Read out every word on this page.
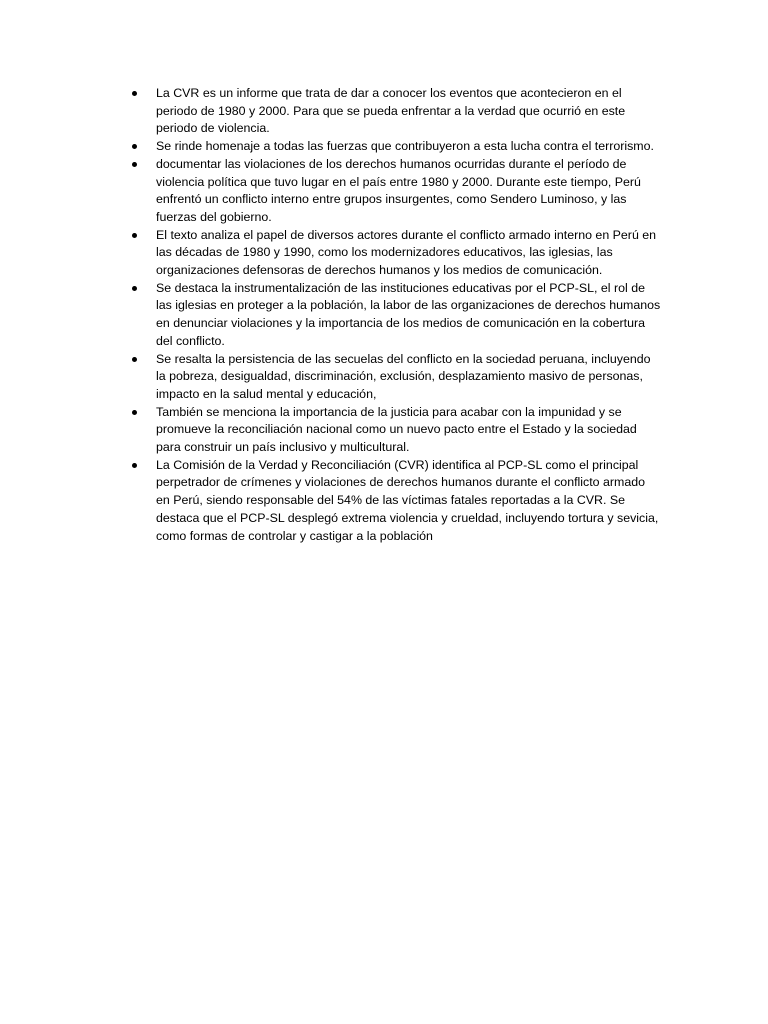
La CVR es un informe que trata de dar a conocer los eventos que acontecieron en el periodo de 1980 y 2000. Para que se pueda enfrentar a la verdad que ocurrió en este periodo de violencia.
Se rinde homenaje a todas las fuerzas que contribuyeron a esta lucha contra el terrorismo.
documentar las violaciones de los derechos humanos ocurridas durante el período de violencia política que tuvo lugar en el país entre 1980 y 2000. Durante este tiempo, Perú enfrentó un conflicto interno entre grupos insurgentes, como Sendero Luminoso, y las fuerzas del gobierno.
El texto analiza el papel de diversos actores durante el conflicto armado interno en Perú en las décadas de 1980 y 1990, como los modernizadores educativos, las iglesias, las organizaciones defensoras de derechos humanos y los medios de comunicación.
Se destaca la instrumentalización de las instituciones educativas por el PCP-SL, el rol de las iglesias en proteger a la población, la labor de las organizaciones de derechos humanos en denunciar violaciones y la importancia de los medios de comunicación en la cobertura del conflicto.
Se resalta la persistencia de las secuelas del conflicto en la sociedad peruana, incluyendo la pobreza, desigualdad, discriminación, exclusión, desplazamiento masivo de personas, impacto en la salud mental y educación,
También se menciona la importancia de la justicia para acabar con la impunidad y se promueve la reconciliación nacional como un nuevo pacto entre el Estado y la sociedad para construir un país inclusivo y multicultural.
La Comisión de la Verdad y Reconciliación (CVR) identifica al PCP-SL como el principal perpetrador de crímenes y violaciones de derechos humanos durante el conflicto armado en Perú, siendo responsable del 54% de las víctimas fatales reportadas a la CVR. Se destaca que el PCP-SL desplegó extrema violencia y crueldad, incluyendo tortura y sevicia, como formas de controlar y castigar a la población
